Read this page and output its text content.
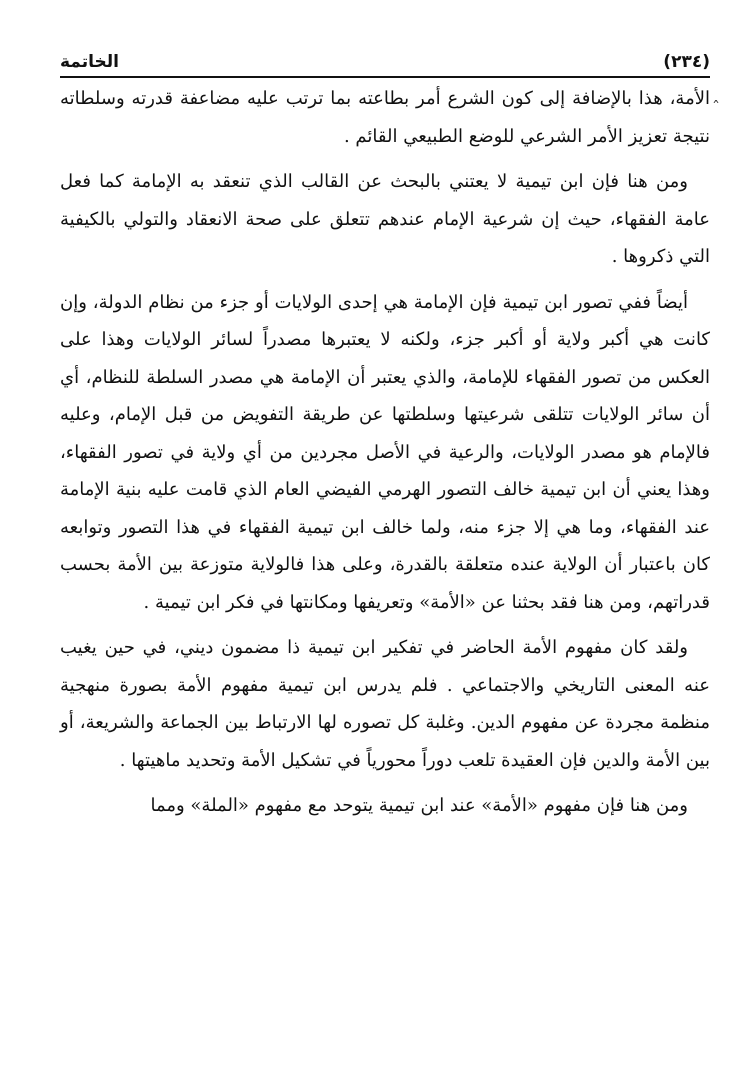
ˆ
(٢٣٤)
الخاتمة

الأمة، هذا بالإضافة إلى كون الشرع أمر بطاعته بما ترتب عليه مضاعفة قدرته وسلطاته نتيجة تعزيز الأمر الشرعي للوضع الطبيعي القائم .

ومن هنا فإن ابن تيمية لا يعتني بالبحث عن القالب الذي تنعقد به الإمامة كما فعل عامة الفقهاء، حيث إن شرعية الإمام عندهم تتعلق على صحة الانعقاد والتولي بالكيفية التي ذكروها .

أيضاً ففي تصور ابن تيمية فإن الإمامة هي إحدى الولايات أو جزء من نظام الدولة، وإن كانت هي أكبر ولاية أو أكبر جزء، ولكنه لا يعتبرها مصدراً لسائر الولايات وهذا على العكس من تصور الفقهاء للإمامة، والذي يعتبر أن الإمامة هي مصدر السلطة للنظام، أي أن سائر الولايات تتلقى شرعيتها وسلطتها عن طريقة التفويض من قبل الإمام، وعليه فالإمام هو مصدر الولايات، والرعية في الأصل مجردين من أي ولاية في تصور الفقهاء، وهذا يعني أن ابن تيمية خالف التصور الهرمي الفيضي العام الذي قامت عليه بنية الإمامة عند الفقهاء، وما هي إلا جزء منه، ولما خالف ابن تيمية الفقهاء في هذا التصور وتوابعه كان باعتبار أن الولاية عنده متعلقة بالقدرة، وعلى هذا فالولاية متوزعة بين الأمة بحسب قدراتهم، ومن هنا فقد بحثنا عن «الأمة» وتعريفها ومكانتها في فكر ابن تيمية .

ولقد كان مفهوم الأمة الحاضر في تفكير ابن تيمية ذا مضمون ديني، في حين يغيب عنه المعنى التاريخي والاجتماعي . فلم يدرس ابن تيمية مفهوم الأمة بصورة منهجية منظمة مجردة عن مفهوم الدين. وغلبة كل تصوره لها الارتباط بين الجماعة والشريعة، أو بين الأمة والدين فإن العقيدة تلعب دوراً محورياً في تشكيل الأمة وتحديد ماهيتها .

ومن هنا فإن مفهوم «الأمة» عند ابن تيمية يتوحد مع مفهوم «الملة» ومما
